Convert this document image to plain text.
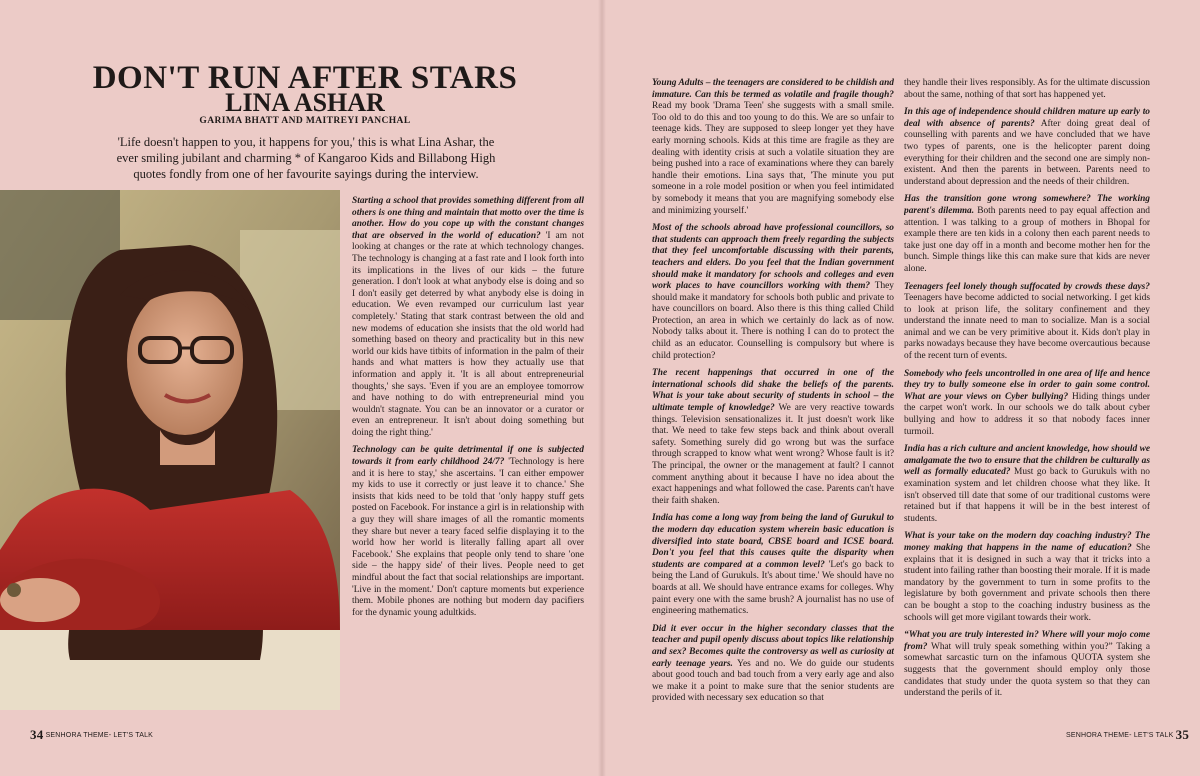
DON'T RUN AFTER STARS
LINA ASHAR
GARIMA BHATT AND MAITREYI PANCHAL

'Life doesn't happen to you, it happens for you,' this is what Lina Ashar, the ever smiling jubilant and charming * of Kangaroo Kids and Billabong High quotes fondly from one of her favourite sayings during the interview.

Starting a school that provides something different from all others is one thing and maintain that motto over the time is another. How do you cope up with the constant changes that are observed in the world of education? 'I am not looking at changes or the rate at which technology changes. The technology is changing at a fast rate and I look forth into its implications in the lives of our kids – the future generation. I don't look at what anybody else is doing and so I don't easily get deterred by what anybody else is doing in education. We even revamped our curriculum last year completely.' Stating that stark contrast between the old and new modems of education she insists that the old world had something based on theory and practicality but in this new world our kids have titbits of information in the palm of their hands and what matters is how they actually use that information and apply it. 'It is all about entrepreneurial thoughts,' she says. 'Even if you are an employee tomorrow and have nothing to do with entrepreneurial mind you wouldn't stagnate. You can be an innovator or a curator or even an entrepreneur. It isn't about doing something but doing the right thing.'

Technology can be quite detrimental if one is subjected towards it from early childhood 24/7? 'Technology is here and it is here to stay,' she ascertains. 'I can either empower my kids to use it correctly or just leave it to chance.' She insists that kids need to be told that 'only happy stuff gets posted on Facebook. For instance a girl is in relationship with a guy they will share images of all the romantic moments they share but never a teary faced selfie displaying it to the world how her world is literally falling apart all over Facebook.' She explains that people only tend to share 'one side – the happy side' of their lives. People need to get mindful about the fact that social relationships are important. 'Live in the moment.' Don't capture moments but experience them. Mobile phones are nothing but modern day pacifiers for the dynamic young adultkids.

Young Adults – the teenagers are considered to be childish and immature. Can this be termed as volatile and fragile though? Read my book 'Drama Teen' she suggests with a small smile. Too old to do this and too young to do this. We are so unfair to teenage kids. They are supposed to sleep longer yet they have early morning schools. Kids at this time are fragile as they are dealing with identity crisis at such a volatile situation they are being pushed into a race of examinations where they can barely handle their emotions. Lina says that, 'The minute you put someone in a role model position or when you feel intimidated by somebody it means that you are magnifying somebody else and minimizing yourself.'

Most of the schools abroad have professional councillors, so that students can approach them freely regarding the subjects that they feel uncomfortable discussing with their parents, teachers and elders. Do you feel that the Indian government should make it mandatory for schools and colleges and even work places to have councillors working with them? They should make it mandatory for schools both public and private to have councillors on board. Also there is this thing called Child Protection, an area in which we certainly do lack as of now. Nobody talks about it. There is nothing I can do to protect the child as an educator. Counselling is compulsory but where is child protection?

The recent happenings that occurred in one of the international schools did shake the beliefs of the parents. What is your take about security of students in school – the ultimate temple of knowledge? We are very reactive towards things. Television sensationalizes it. It just doesn't work like that. We need to take few steps back and think about overall safety. Something surely did go wrong but was the surface through scrapped to know what went wrong? Whose fault is it? The principal, the owner or the management at fault? I cannot comment anything about it because I have no idea about the exact happenings and what followed the case. Parents can't have their faith shaken.

India has come a long way from being the land of Gurukul to the modern day education system wherein basic education is diversified into state board, CBSE board and ICSE board. Don't you feel that this causes quite the disparity when students are compared at a common level? 'Let's go back to being the Land of Gurukuls. It's about time.' We should have no boards at all. We should have entrance exams for colleges. Why paint every one with the same brush? A journalist has no use of engineering mathematics.

Did it ever occur in the higher secondary classes that the teacher and pupil openly discuss about topics like relationship and sex? Becomes quite the controversy as well as curiosity at early teenage years. Yes and no. We do guide our students about good touch and bad touch from a very early age and also we make it a point to make sure that the senior students are provided with necessary sex education so that

they handle their lives responsibly. As for the ultimate discussion about the same, nothing of that sort has happened yet.

In this age of independence should children mature up early to deal with absence of parents? After doing great deal of counselling with parents and we have concluded that we have two types of parents, one is the helicopter parent doing everything for their children and the second one are simply non-existent. And then the parents in between. Parents need to understand about depression and the needs of their children.

Has the transition gone wrong somewhere? The working parent's dilemma. Both parents need to pay equal affection and attention. I was talking to a group of mothers in Bhopal for example there are ten kids in a colony then each parent needs to take just one day off in a month and become mother hen for the bunch. Simple things like this can make sure that kids are never alone.

Teenagers feel lonely though suffocated by crowds these days? Teenagers have become addicted to social networking. I get kids to look at prison life, the solitary confinement and they understand the innate need to man to socialize. Man is a social animal and we can be very primitive about it. Kids don't play in parks nowadays because they have become overcautious because of the recent turn of events.

Somebody who feels uncontrolled in one area of life and hence they try to bully someone else in order to gain some control. What are your views on Cyber bullying? Hiding things under the carpet won't work. In our schools we do talk about cyber bullying and how to address it so that nobody faces inner turmoil.

India has a rich culture and ancient knowledge, how should we amalgamate the two to ensure that the children be culturally as well as formally educated? Must go back to Gurukuls with no examination system and let children choose what they like. It isn't observed till date that some of our traditional customs were retained but if that happens it will be in the best interest of students.

What is your take on the modern day coaching industry? The money making that happens in the name of education? She explains that it is designed in such a way that it tricks into a student into failing rather than boosting their morale. If it is made mandatory by the government to turn in some profits to the legislature by both government and private schools then there can be bought a stop to the coaching industry business as the schools will get more vigilant towards their work.

“What you are truly interested in? Where will your mojo come from? What will truly speak something within you?” Taking a somewhat sarcastic turn on the infamous QUOTA system she suggests that the government should employ only those candidates that study under the quota system so that they can understand the perils of it.

34 SENHORA THEME- LET'S TALK	SENHORA THEME- LET'S TALK 35
